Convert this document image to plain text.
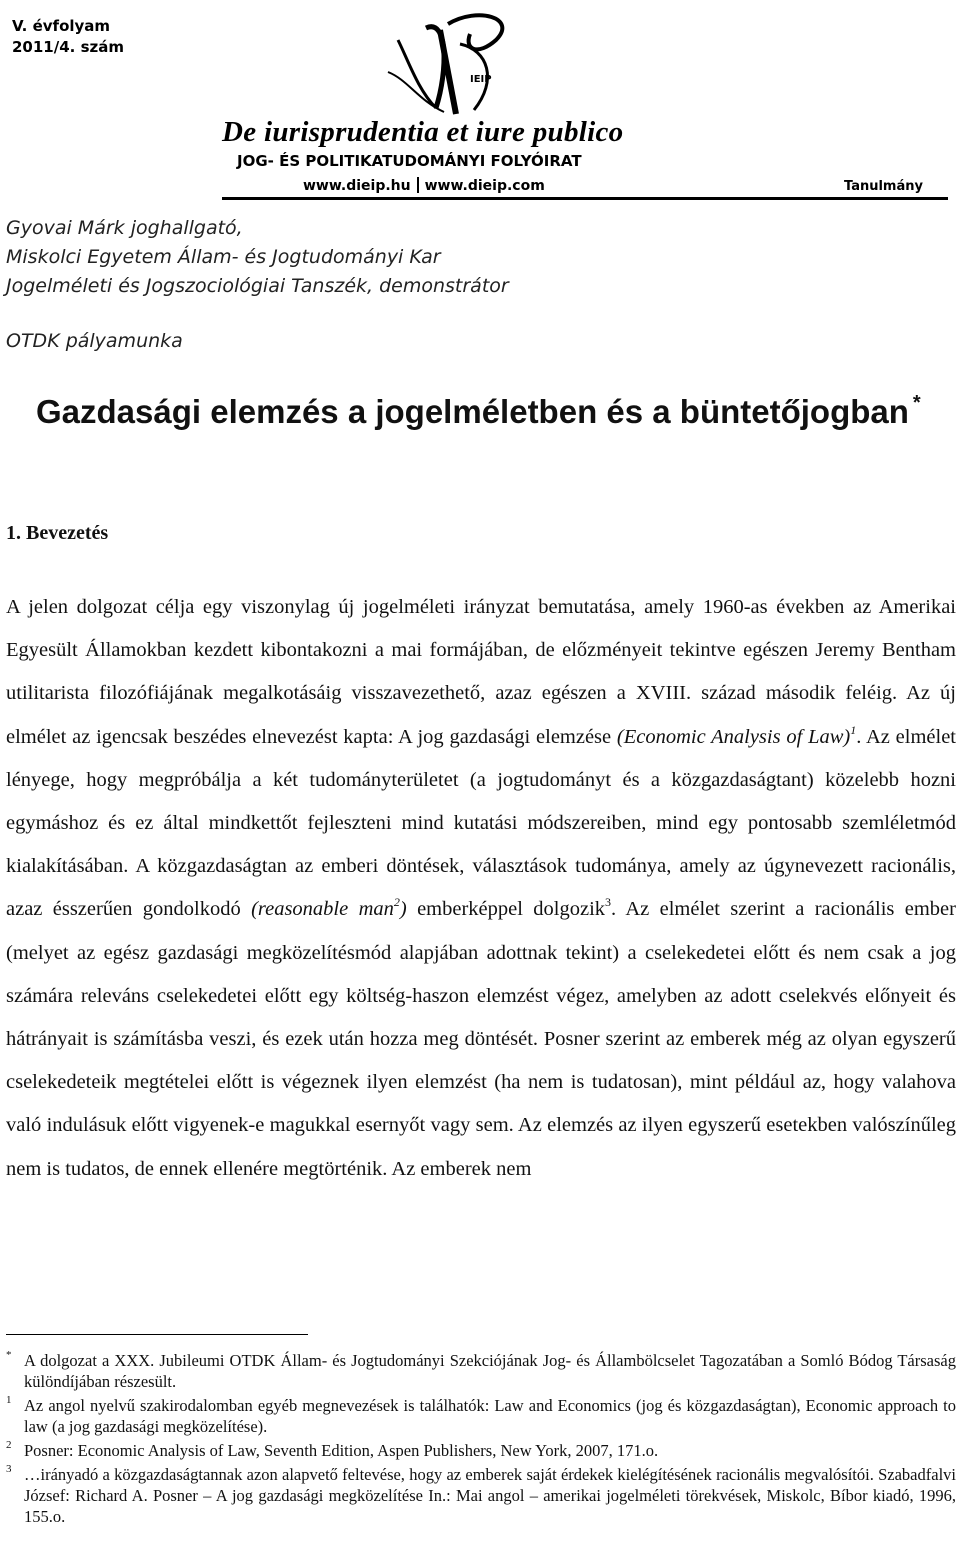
V. évfolyam
2011/4. szám
IEIP
De iurisprudentia et iure publico
JOG- ÉS POLITIKATUDOMÁNYI FOLYÓIRAT
www.dieip.hu www.dieip.com	Tanulmány
Gyovai Márk joghallgató,
Miskolci Egyetem Állam- és Jogtudományi Kar
Jogelméleti és Jogszociológiai Tanszék, demonstrátor
OTDK pályamunka
Gazdasági elemzés a jogelméletben és a büntetőjogban *
1. Bevezetés
A jelen dolgozat célja egy viszonylag új jogelméleti irányzat bemutatása, amely 1960-as években az Amerikai Egyesült Államokban kezdett kibontakozni a mai formájában, de előzményeit tekintve egészen Jeremy Bentham utilitarista filozófiájának megalkotásáig visszavezethető, azaz egészen a XVIII. század második feléig. Az új elmélet az igencsak beszédes elnevezést kapta: A jog gazdasági elemzése (Economic Analysis of Law)$^1$. Az elmélet lényege, hogy megpróbálja a két tudományterületet (a jogtudományt és a közgazdaságtant) közelebb hozni egymáshoz és ez által mindkettőt fejleszteni mind kutatási módszereiben, mind egy pontosabb szemléletmód kialakításában. A közgazdaságtan az emberi döntések, választások tudománya, amely az úgynevezett racionális, azaz ésszerűen gondolkodó (reasonable man$^2$) emberképpel dolgozik$^3$. Az elmélet szerint a racionális ember (melyet az egész gazdasági megközelítésmód alapjában adottnak tekint) a cselekedetei előtt és nem csak a jog számára releváns cselekedetei előtt egy költség-haszon elemzést végez, amelyben az adott cselekvés előnyeit és hátrányait is számításba veszi, és ezek után hozza meg döntését. Posner szerint az emberek még az olyan egyszerű cselekedeteik megtételei előtt is végeznek ilyen elemzést (ha nem is tudatosan), mint például az, hogy valahova való indulásuk előtt vigyenek-e magukkal esernyőt vagy sem. Az elemzés az ilyen egyszerű esetekben valószínűleg nem is tudatos, de ennek ellenére megtörténik. Az emberek nem
* A dolgozat a XXX. Jubileumi OTDK Állam- és Jogtudományi Szekciójának Jog- és Állambölcselet Tagozatában a Somló Bódog Társaság különdíjában részesült.
1 Az angol nyelvű szakirodalomban egyéb megnevezések is találhatók: Law and Economics (jog és közgazdaságtan), Economic approach to law (a jog gazdasági megközelítése).
2 Posner: Economic Analysis of Law, Seventh Edition, Aspen Publishers, New York, 2007, 171.o.
3 …irányadó a közgazdaságtannak azon alapvető feltevése, hogy az emberek saját érdekek kielégítésének racionális megvalósítói. Szabadfalvi József: Richard A. Posner – A jog gazdasági megközelítése In.: Mai angol – amerikai jogelméleti törekvések, Miskolc, Bíbor kiadó, 1996, 155.o.
